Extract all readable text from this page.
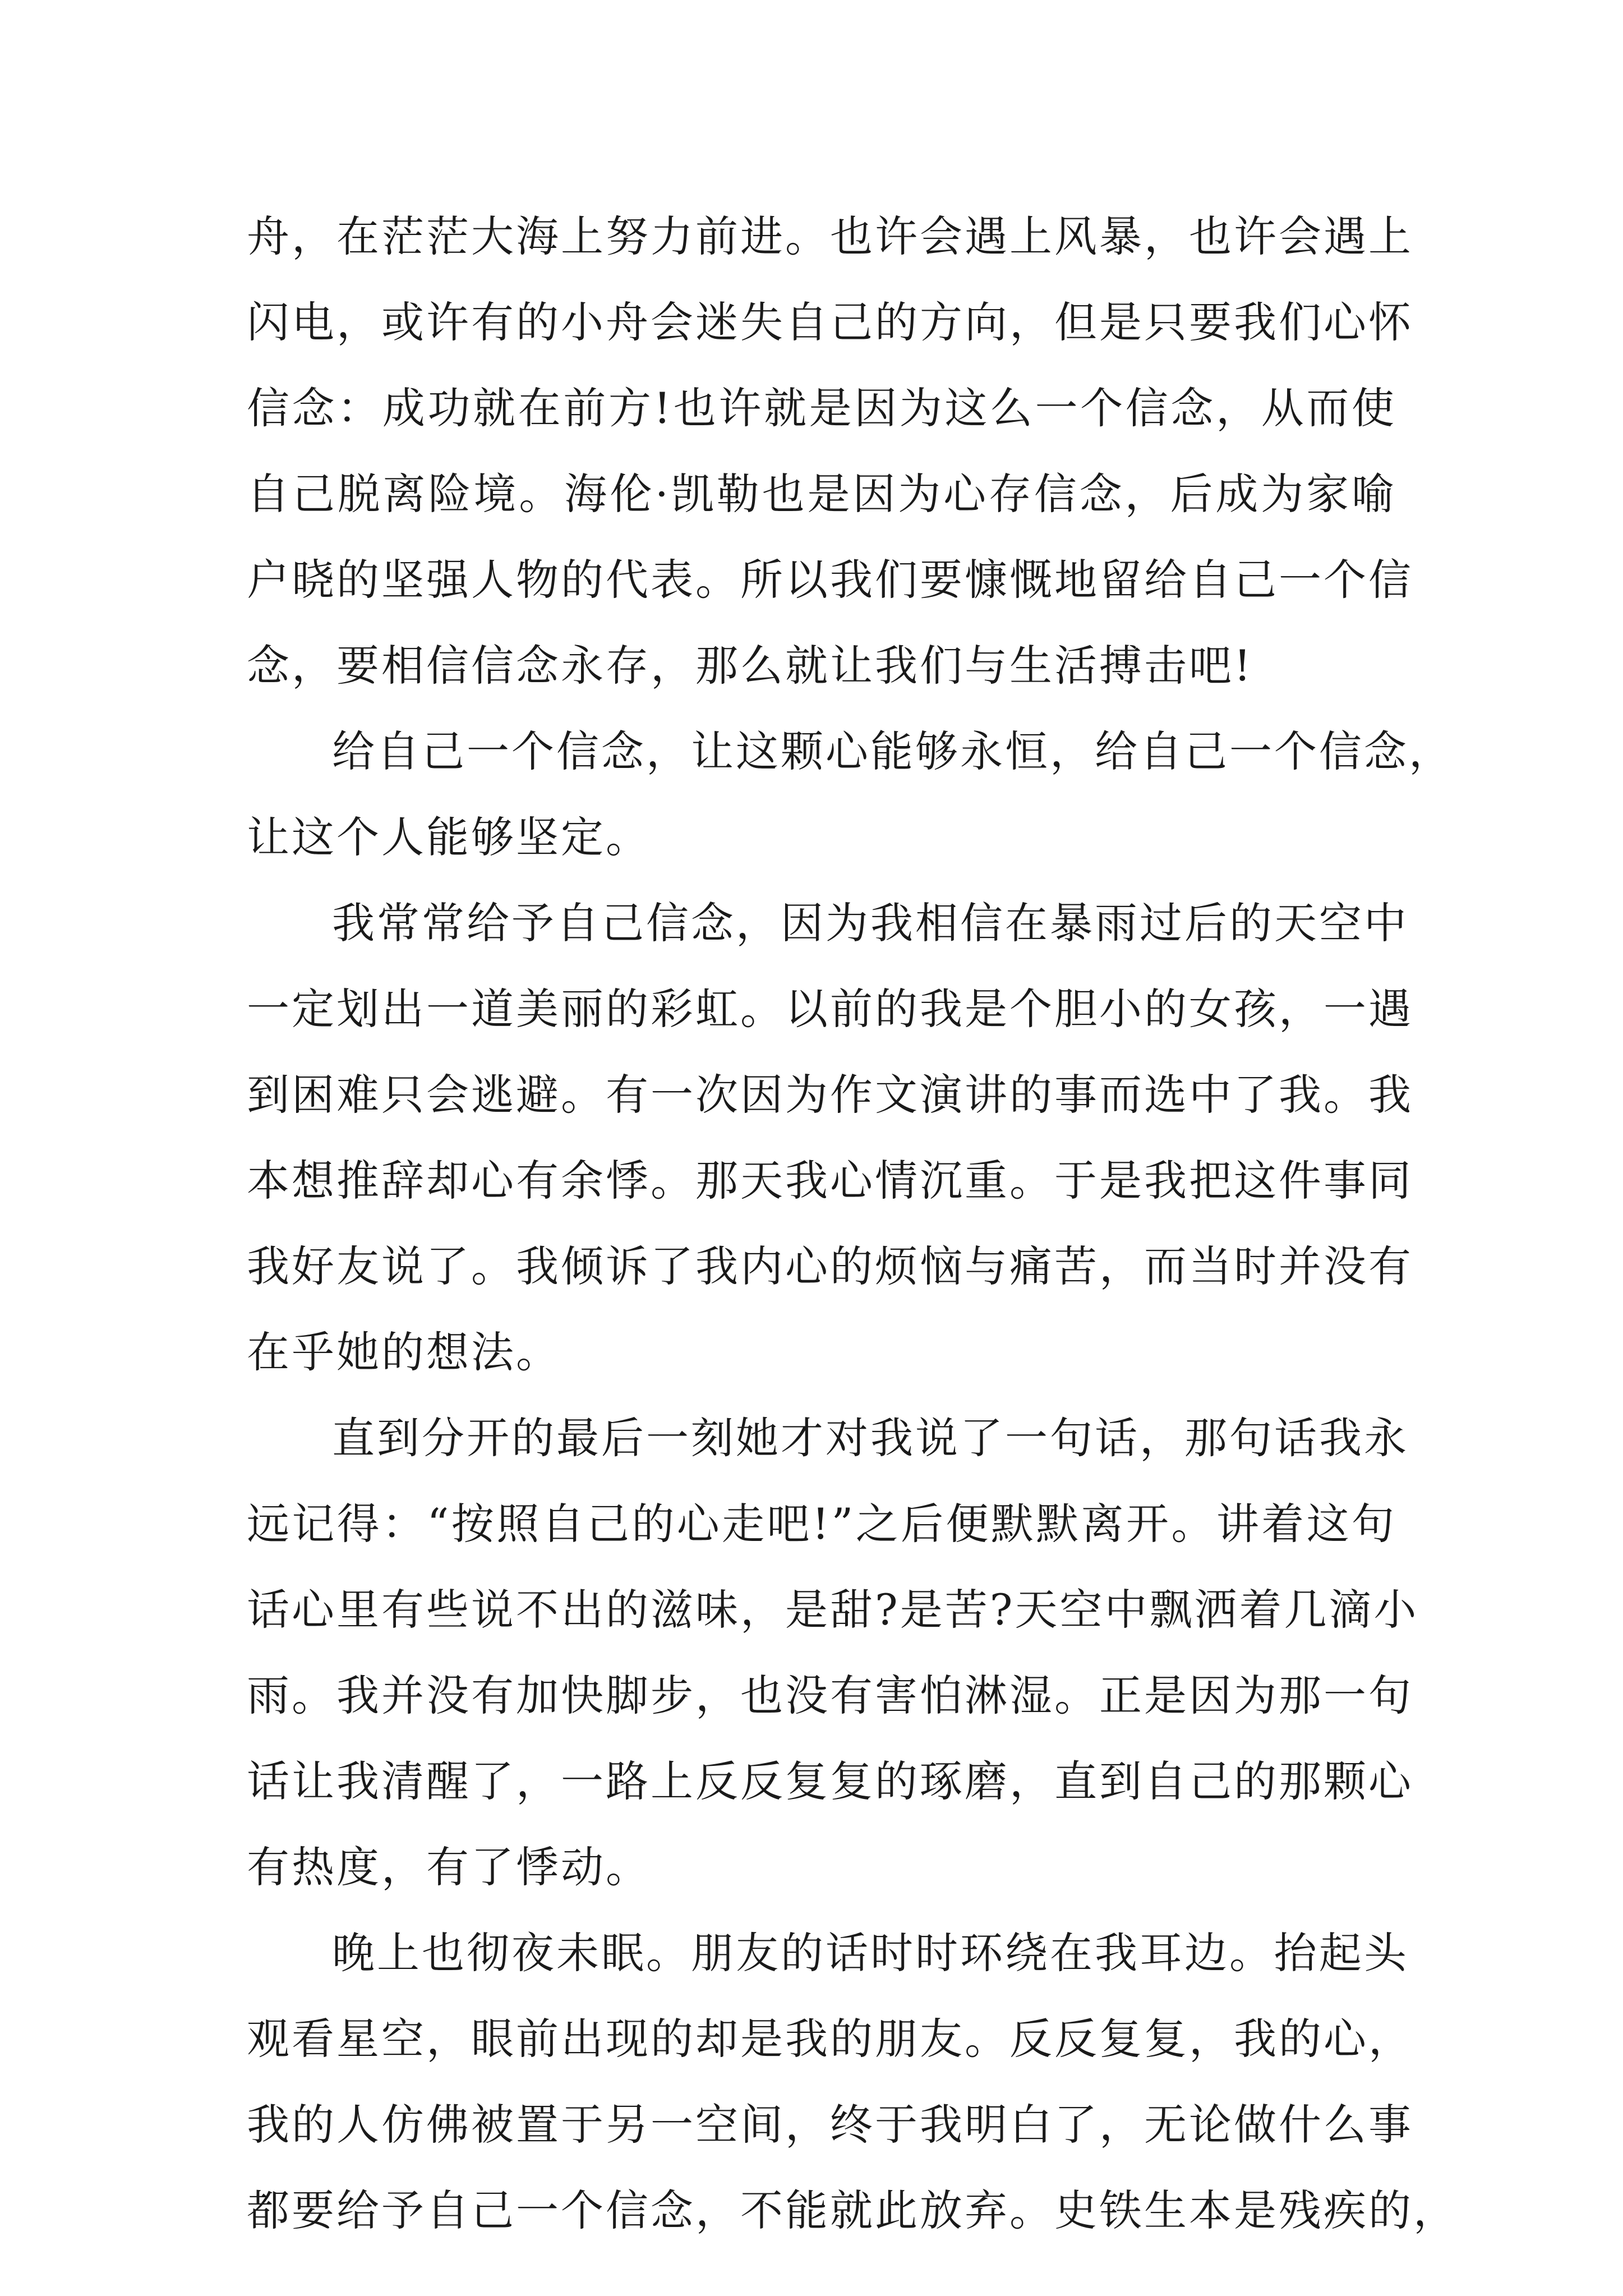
舟，在茫茫大海上努力前进。也许会遇上风暴，也许会遇上
闪电，或许有的小舟会迷失自己的方向，但是只要我们心怀
信念：成功就在前方!也许就是因为这么一个信念，从而使
自己脱离险境。海伦·凯勒也是因为心存信念，后成为家喻
户晓的坚强人物的代表。所以我们要慷慨地留给自己一个信
念，要相信信念永存，那么就让我们与生活搏击吧!
给自己一个信念，让这颗心能够永恒，给自己一个信念，
让这个人能够坚定。
我常常给予自己信念，因为我相信在暴雨过后的天空中
一定划出一道美丽的彩虹。以前的我是个胆小的女孩，一遇
到困难只会逃避。有一次因为作文演讲的事而选中了我。我
本想推辞却心有余悸。那天我心情沉重。于是我把这件事同
我好友说了。我倾诉了我内心的烦恼与痛苦，而当时并没有
在乎她的想法。
直到分开的最后一刻她才对我说了一句话，那句话我永
远记得：“按照自己的心走吧!”之后便默默离开。讲着这句
话心里有些说不出的滋味，是甜?是苦?天空中飘洒着几滴小
雨。我并没有加快脚步，也没有害怕淋湿。正是因为那一句
话让我清醒了，一路上反反复复的琢磨，直到自己的那颗心
有热度，有了悸动。
晚上也彻夜未眠。朋友的话时时环绕在我耳边。抬起头
观看星空，眼前出现的却是我的朋友。反反复复，我的心，
我的人仿佛被置于另一空间，终于我明白了，无论做什么事
都要给予自己一个信念，不能就此放弃。史铁生本是残疾的，
